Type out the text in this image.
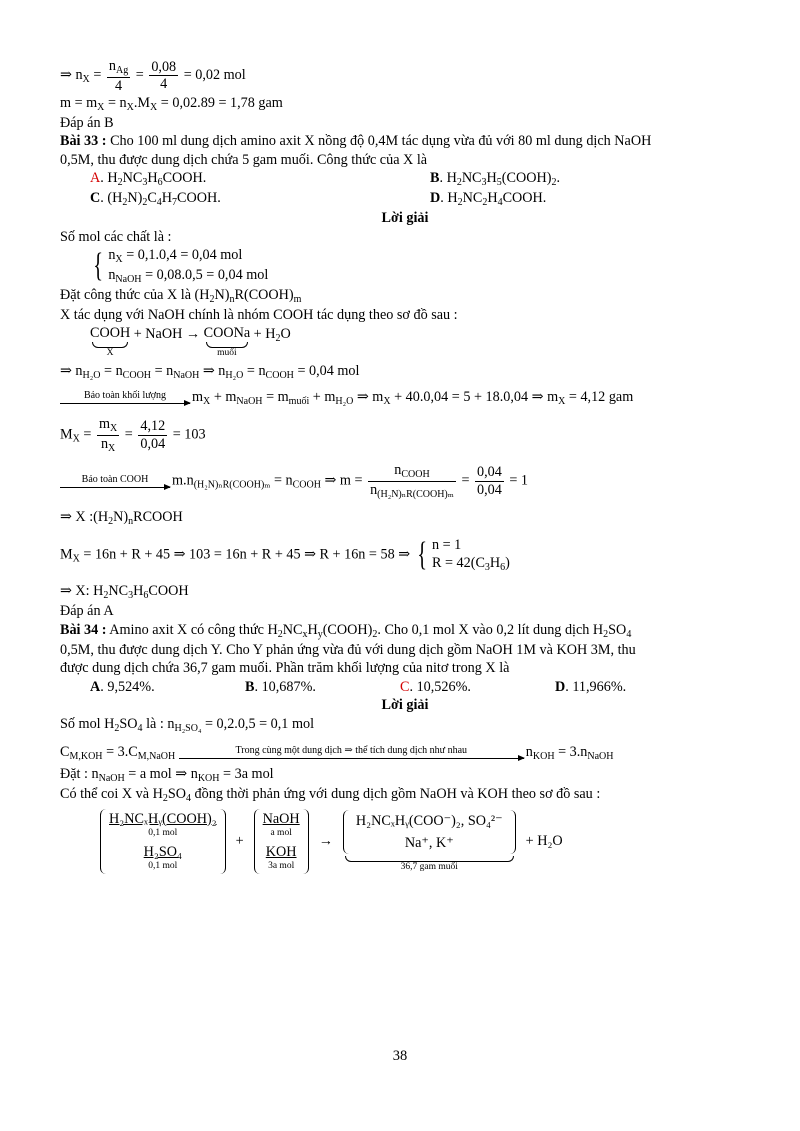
⇒ $n_X = \frac{n_{Ag}}{4} = \frac{0,08}{4} = 0,02$ mol
$m = m_X = n_X.M_X = 0,02.89 = 1,78$ gam
Đáp án B
Bài 33 : Cho 100 ml dung dịch amino axit X nồng độ 0,4M tác dụng vừa đủ với 80 ml dung dịch NaOH
0,5M, thu được dung dịch chứa 5 gam muối. Công thức của X là
A. H2NC3H6COOH.	B. H2NC3H5(COOH)2.
C. (H2N)2C4H7COOH.	D. H2NC2H4COOH.
Lời giải
Số mol các chất là :
{ $n_X = 0,1.0,4 = 0,04$ mol
$n_{NaOH} = 0,08.0,5 = 0,04$ mol
Đặt công thức của X là $(H_2N)_nR(COOH)_m$
X tác dụng với NaOH chính là nhóm COOH tác dụng theo sơ đồ sau :
COOH
X
+ NaOH → COONa
muối
+ $H_2O$
⇒ $n_{H_2O} = n_{COOH} = n_{NaOH}$ ⇒ $n_{H_2O} = n_{COOH} = 0,04$ mol
Bảo toàn khối lượng	$m_X + m_{NaOH} = m_{muối} + m_{H_2O}$ ⇒ $m_X + 40.0,04 = 5 + 18.0,04$ ⇒ $m_X = 4,12$ gam
$M_X = \frac{m_X}{n_X} = \frac{4,12}{0,04} = 103$
Bảo toàn COOH	$m.n_{(H_2N)_nR(COOH)_m} = n_{COOH}$ ⇒ $m = \frac{n_{COOH}}{n_{(H_2N)_nR(COOH)_m}} = \frac{0,04}{0,04} = 1$
⇒ X $:(H_2N)_nRCOOH$
$M_X = 16n + R + 45$ ⇒ 103 = 16n + R + 45 ⇒ R + 16n = 58 ⇒ { n = 1
$R = 42(C_3H_6)$
⇒ X: $H_2NC_3H_6COOH$
Đáp án A
Bài 34 : Amino axit X có công thức $H_2NC_xH_y(COOH)_2$. Cho 0,1 mol X vào 0,2 lít dung dịch $H_2SO_4$
0,5M, thu được dung dịch Y. Cho Y phản ứng vừa đủ với dung dịch gồm NaOH 1M và KOH 3M, thu
được dung dịch chứa 36,7 gam muối. Phần trăm khối lượng của nitơ trong X là
A. 9,524%.	B. 10,687%.	C. 10,526%.	D. 11,966%.
Lời giải
Số mol $H_2SO_4$ là : $n_{H_2SO_4} = 0,2.0,5 = 0,1$ mol
$C_{M,KOH} = 3.C_{M,NaOH}$
Trong cùng một dung dịch ⇒ thể tích dung dịch như nhau	$n_{KOH} = 3.n_{NaOH}$
Đặt : $n_{NaOH} = a$ mol ⇒ $n_{KOH} = 3a$ mol
Có thể coi X và $H_2SO_4$ đồng thời phản ứng với dung dịch gồm NaOH và KOH theo sơ đồ sau :
H₂NCₓHᵧ(COOH)₂
0,1 mol
H₂SO₄
0,1 mol
+
NaOH
a mol
KOH
3a mol
→
H₂NCₓHᵧ(COO⁻)₂, SO₄²⁻
Na⁺, K⁺
36,7 gam muối
+ H₂O
38
